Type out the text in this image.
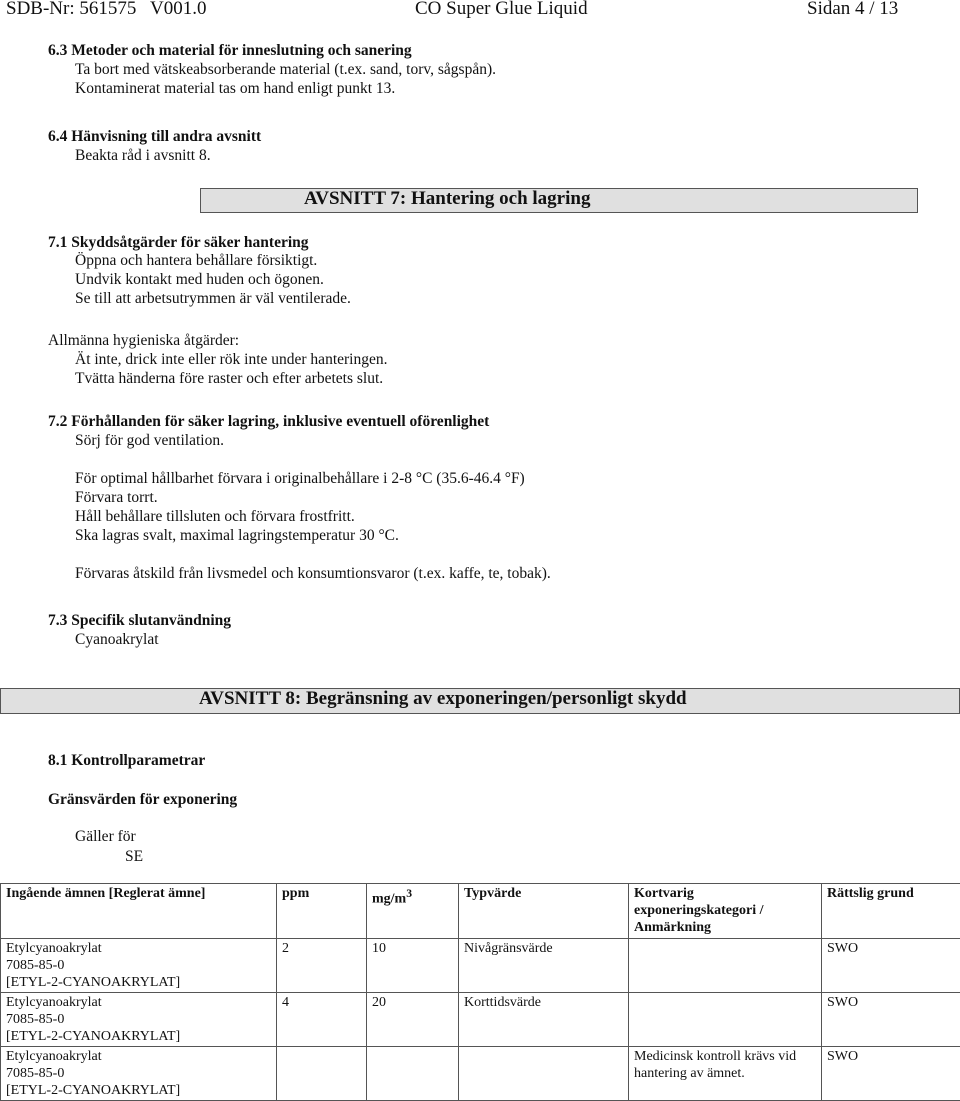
SDB-Nr: 561575 V001.0	CO Super Glue Liquid	Sidan 4 / 13
6.3 Metoder och material för inneslutning och sanering
Ta bort med vätskeabsorberande material (t.ex. sand, torv, sågspån).
Kontaminerat material tas om hand enligt punkt 13.
6.4 Hänvisning till andra avsnitt
Beakta råd i avsnitt 8.
AVSNITT 7: Hantering och lagring
7.1 Skyddsåtgärder för säker hantering
Öppna och hantera behållare försiktigt.
Undvik kontakt med huden och ögonen.
Se till att arbetsutrymmen är väl ventilerade.
Allmänna hygieniska åtgärder:
Ät inte, drick inte eller rök inte under hanteringen.
Tvätta händerna före raster och efter arbetets slut.
7.2 Förhållanden för säker lagring, inklusive eventuell oförenlighet
Sörj för god ventilation.
För optimal hållbarhet förvara i originalbehållare i 2-8 °C (35.6-46.4 °F)
Förvara torrt.
Håll behållare tillsluten och förvara frostfritt.
Ska lagras svalt, maximal lagringstemperatur 30 °C.
Förvaras åtskild från livsmedel och konsumtionsvaror (t.ex. kaffe, te, tobak).
7.3 Specifik slutanvändning
Cyanoakrylat
AVSNITT 8: Begränsning av exponeringen/personligt skydd
8.1 Kontrollparametrar
Gränsvärden för exponering
Gäller för
SE
Ingående ämnen [Reglerat ämne]	ppm	$mg/m^3$	Typvärde	Kortvarig exponeringskategori / Anmärkning	Rättslig grund
Etylcyanoakrylat
7085-85-0
[ETYL-2-CYANOAKRYLAT]	2	10	Nivågränsvärde		SWO
Etylcyanoakrylat
7085-85-0
[ETYL-2-CYANOAKRYLAT]	4	20	Korttidsvärde		SWO
Etylcyanoakrylat
7085-85-0
[ETYL-2-CYANOAKRYLAT]				Medicinsk kontroll krävs vid hantering av ämnet.	SWO
